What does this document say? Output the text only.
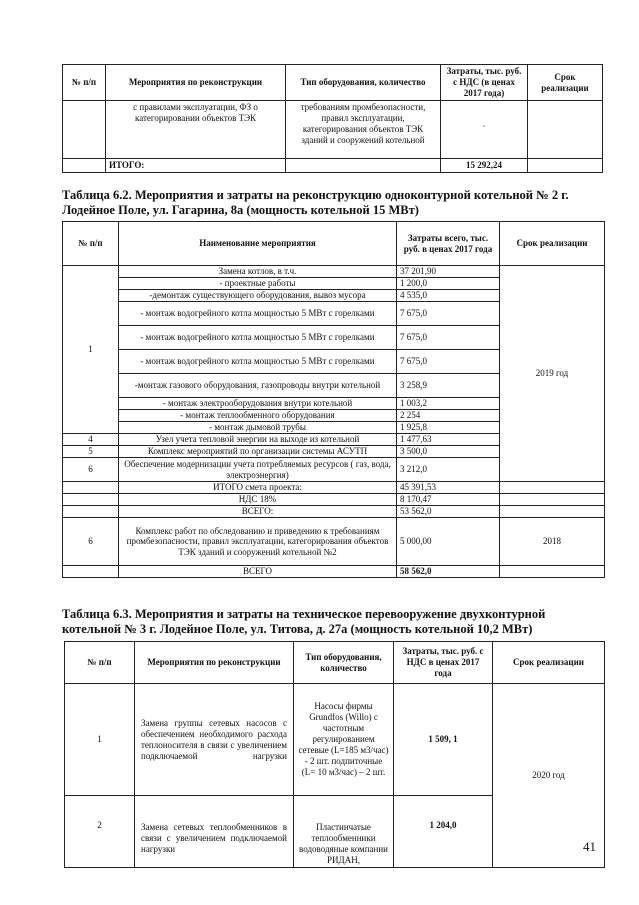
№ п/п	Мероприятия по реконструкции	Тип оборудования, количество	Затраты, тыс. руб. с НДС (в ценах 2017 года)	Срок реализации
	с правилами эксплуатации, ФЗ о категорировании объектов ТЭК	требованиям промбезопасности, правил эксплуатации, категорирования объектов ТЭК зданий и сооружений котельной	`	
	ИТОГО:		15 292,24	

Таблица 6.2. Мероприятия и затраты на реконструкцию одноконтурной котельной № 2 г. Лодейное Поле, ул. Гагарина, 8а (мощность котельной 15 МВт)

№ п/п	Наименование мероприятия	Затраты всего, тыс. руб. в ценах 2017 года	Срок реализации
1	Замена котлов, в т.ч.	37 201,90	2019 год
	- проектные работы	1 200,0	
	-демонтаж существующего оборудования, вывоз мусора	4 535,0	
	- монтаж водогрейного котла мощностью 5 МВт с горелками	7 675,0	
	- монтаж водогрейного котла мощностью 5 МВт с горелками	7 675,0	
	- монтаж водогрейного котла мощностью 5 МВт с горелками	7 675,0	
	-монтаж газового оборудования, газопроводы внутри котельной	3 258,9	
	- монтаж электрооборудования внутри котельной	1 003,2	
	- монтаж теплообменного оборудования	2 254	
	- монтаж дымовой трубы	1 925,8	
4	Узел учета тепловой энергии на выходе из котельной	1 477,63	
5	Комплекс мероприятий по организации системы АСУТП	3 500,0	
6	Обеспечение модернизации учета потребляемых ресурсов ( газ, вода, электроэнергия)	3 212,0	
	ИТОГО смета проекта:	45 391,53	
	НДС 18%	8 170,47	
	ВСЕГО:	53 562,0	
6	Комплекс работ по обследованию и приведению к требованиям промбезопасности, правил эксплуатации, категорирования объектов ТЭК зданий и сооружений котельной №2	5 000,00	2018
	ВСЕГО	58 562,0	

Таблица 6.3. Мероприятия и затраты на техническое перевооружение двухконтурной котельной № 3 г. Лодейное Поле, ул. Титова, д. 27а (мощность котельной 10,2 МВт)

№ п/п	Мероприятия по реконструкции	Тип оборудования, количество	Затраты, тыс. руб. с НДС в ценах 2017 года	Срок реализации
1	Замена группы сетевых насосов с обеспечением необходимого расхода теплоносителя в связи с увеличением подключаемой нагрузки	Насосы фирмы Grundfos (Willo) с частотным регулированием сетевые (L=185 м3/час) - 2 шт. подпиточные (L= 10 м3/час) – 2 шт.	1 509, 1	2020 год
2	Замена сетевых теплообменников в связи с увеличением подключаемой нагрузки	Пластинчатые теплообменники водоводяные компании РИДАН,	1 204,0	
41
